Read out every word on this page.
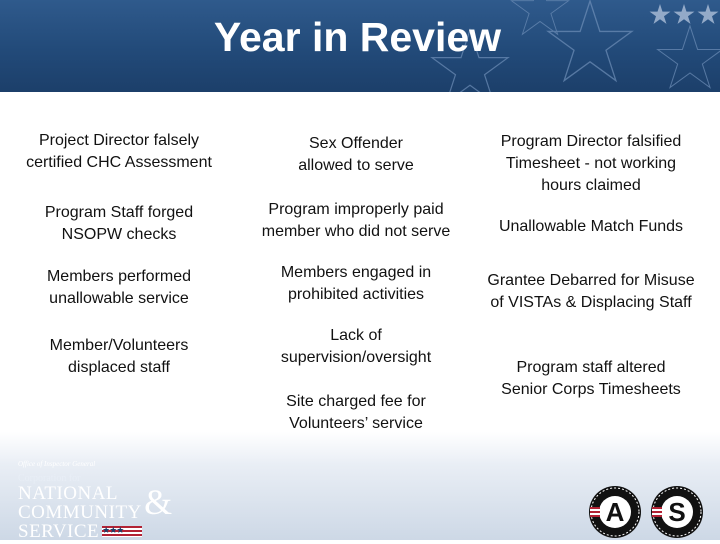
Year in Review
Project Director falsely
certified CHC Assessment
Program Staff forged
NSOPW checks
Members performed
unallowable service
Member/Volunteers
displaced staff
Sex Offender
allowed to serve
Program improperly paid
member who did not serve
Members engaged in
prohibited activities
Lack of
supervision/oversight
Site charged fee for
Volunteers’ service
Program Director falsified
Timesheet - not working
hours claimed
Unallowable Match Funds
Grantee Debarred for Misuse
of VISTAs & Displacing Staff
Program staff altered
Senior Corps Timesheets
Office of Inspector General
Corporation for
NATIONAL
COMMUNITY
SERVICE ★★★
&	A	S
